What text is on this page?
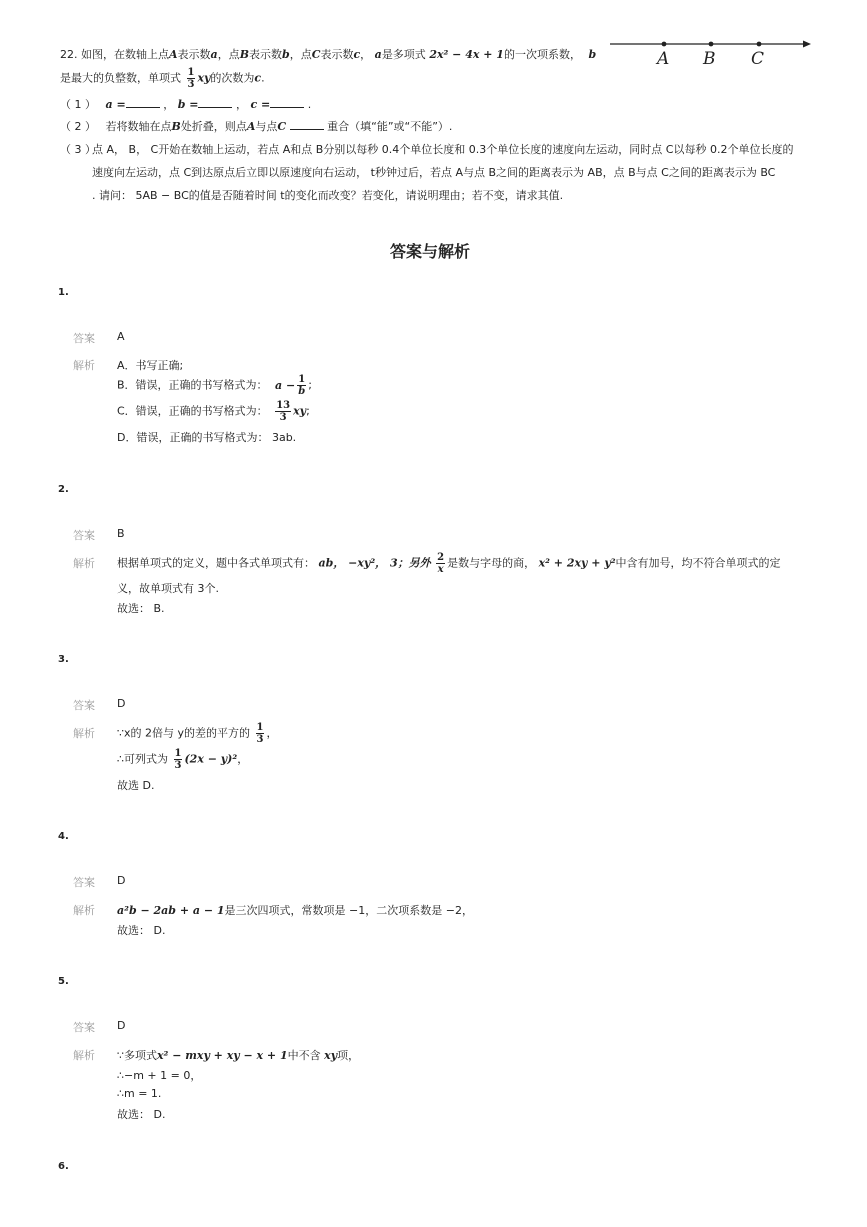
22. 如图，在数轴上点A表示数a，点B表示数b，点C表示数c， a是多项式 2x² − 4x + 1的一次项系数， b	A B C
是最大的负整数，单项式 $\frac{1}{3}$ xy的次数为c.
（ 1 ） a =	， b =	， c =	.
（ 2 ） 若将数轴在点B处折叠，则点A与点C	重合（填“能”或“不能”）.
（ 3 ）
点 A， B， C开始在数轴上运动，若点 A和点 B分别以每秒 0.4个单位长度和 0.3个单位长度的速度向左运动，同时点 C以每秒 0.2个单位长度的
速度向左运动，点 C到达原点后立即以原速度向右运动， t秒钟过后，若点 A与点 B之间的距离表示为 AB，点 B与点 C之间的距离表示为 BC
. 请问： 5AB − BC的值是否随着时间 t的变化而改变？若变化，请说明理由；若不变，请求其值.
答案与解析
1.
答案 A
解析 A．书写正确;
B．错误，正确的书写格式为： $a - \frac{1}{b}$ ;
C．错误，正确的书写格式为： $\frac{13}{3}$ xy;
D．错误，正确的书写格式为： 3ab.
2.
答案 B
解析 根据单项式的定义，题中各式单项式有： ab， −xy²， 3；另外 $\frac{2}{x}$ 是数与字母的商， x² + 2xy + y²中含有加号，均不符合单项式的定
义，故单项式有 3个.
故选： B.
3.
答案 D
解析 ∵x的 2倍与 y的差的平方的 $\frac{1}{3}$ ，
∴可列式为 $\frac{1}{3} (2x - y)^2$，
故选 D.
4.
答案 D
解析 a²b − 2ab + a − 1是三次四项式，常数项是 −1，二次项系数是 −2，
故选： D.
5.
答案 D
解析 ∵多项式x² − mxy + xy − x + 1中不含 xy项，
∴−m + 1 = 0，
∴m = 1.
故选： D.
6.
